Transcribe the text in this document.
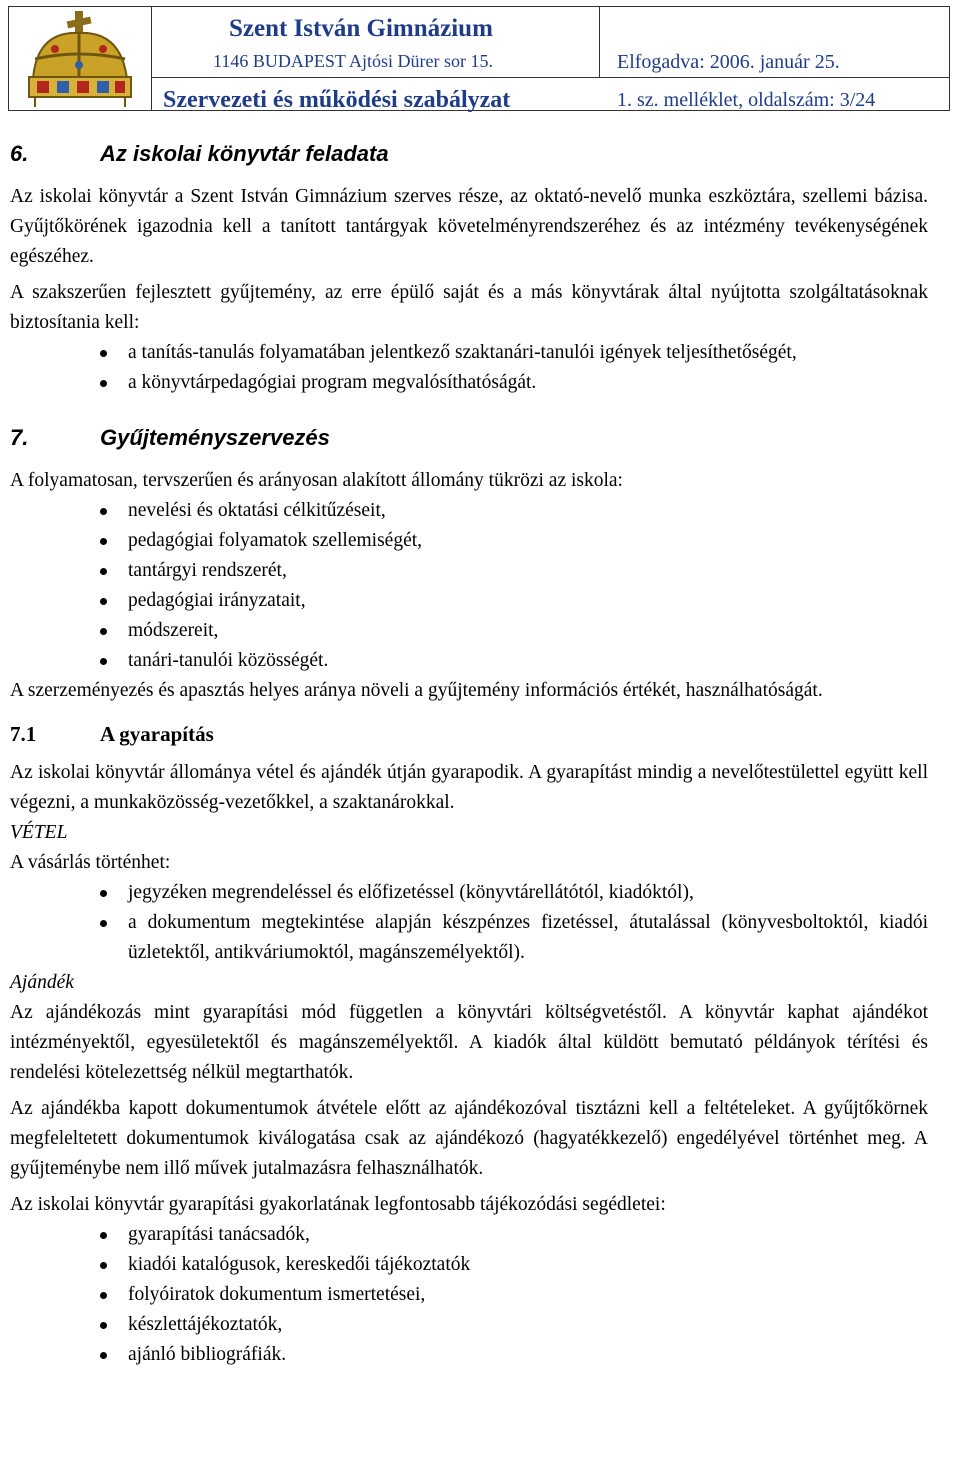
Szent István Gimnázium
1146 BUDAPEST Ajtósi Dürer sor 15.	Elfogadva: 2006. január 25.
Szervezeti és működési szabályzat	1. sz. melléklet, oldalszám: 3/24
6.	Az iskolai könyvtár feladata

Az iskolai könyvtár a Szent István Gimnázium szerves része, az oktató-nevelő munka eszköztára, szellemi bázisa. Gyűjtőkörének igazodnia kell a tanított tantárgyak követelményrendszeréhez és az intézmény tevékenységének egészéhez.

A szakszerűen fejlesztett gyűjtemény, az erre épülő saját és a más könyvtárak által nyújtotta szolgáltatásoknak biztosítania kell:

a tanítás-tanulás folyamatában jelentkező szaktanári-tanulói igények teljesíthetőségét,
a könyvtárpedagógiai program megvalósíthatóságát.
7.	Gyűjteményszervezés

A folyamatosan, tervszerűen és arányosan alakított állomány tükrözi az iskola:

nevelési és oktatási célkitűzéseit,
pedagógiai folyamatok szellemiségét,
tantárgyi rendszerét,
pedagógiai irányzatait,
módszereit,
tanári-tanulói közösségét.

A szerzeményezés és apasztás helyes aránya növeli a gyűjtemény információs értékét, használhatóságát.

7.1	A gyarapítás

Az iskolai könyvtár állománya vétel és ajándék útján gyarapodik. A gyarapítást mindig a nevelőtestülettel együtt kell végezni, a munkaközösség-vezetőkkel, a szaktanárokkal.

VÉTEL

A vásárlás történhet:

jegyzéken megrendeléssel és előfizetéssel (könyvtárellátótól, kiadóktól),
a dokumentum megtekintése alapján készpénzes fizetéssel, átutalással (könyvesboltoktól, kiadói üzletektől, antikváriumoktól, magánszemélyektől).

Ajándék

Az ajándékozás mint gyarapítási mód független a könyvtári költségvetéstől. A könyvtár kaphat ajándékot intézményektől, egyesületektől és magánszemélyektől. A kiadók által küldött bemutató példányok térítési és rendelési kötelezettség nélkül megtarthatók.

Az ajándékba kapott dokumentumok átvétele előtt az ajándékozóval tisztázni kell a feltételeket. A gyűjtőkörnek megfeleltetett dokumentumok kiválogatása csak az ajándékozó (hagyatékkezelő) engedélyével történhet meg. A gyűjteménybe nem illő művek jutalmazásra felhasználhatók.

Az iskolai könyvtár gyarapítási gyakorlatának legfontosabb tájékozódási segédletei:

gyarapítási tanácsadók,
kiadói katalógusok, kereskedői tájékoztatók
folyóiratok dokumentum ismertetései,
készlettájékoztatók,
ajánló bibliográfiák.
